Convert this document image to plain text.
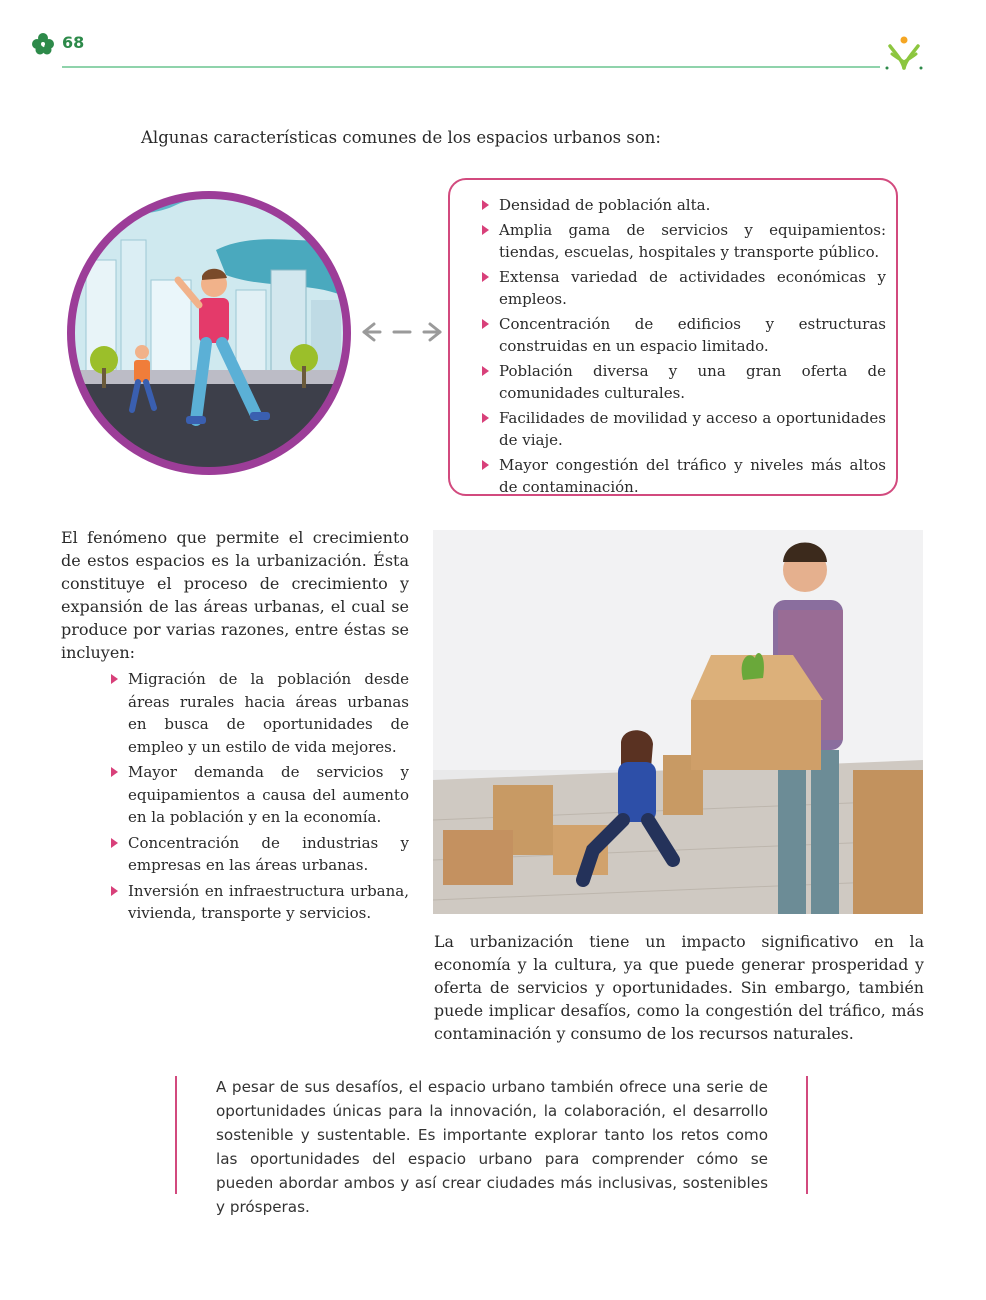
68
Algunas características comunes de los espacios urbanos son:
Densidad de población alta.
Amplia gama de servicios y equipamientos: tiendas, escuelas, hospitales y transporte público.
Extensa variedad de actividades económicas y empleos.
Concentración de edificios y estructuras construidas en un espacio limitado.
Población diversa y una gran oferta de comunidades culturales.
Facilidades de movilidad y acceso a oportunidades de viaje.
Mayor congestión del tráfico y niveles más altos de contaminación.
El fenómeno que permite el crecimiento de estos espacios es la urbanización. Ésta constituye el proceso de crecimiento y expansión de las áreas urbanas, el cual se produce por varias razones, entre éstas se incluyen:
Migración de la población desde áreas rurales hacia áreas urbanas en busca de oportunidades de empleo y un estilo de vida mejores.
Mayor demanda de servicios y equipamientos a causa del aumento en la población y en la economía.
Concentración de industrias y empresas en las áreas urbanas.
Inversión en infraestructura urbana, vivienda, transporte y servicios.
La urbanización tiene un impacto significativo en la economía y la cultura, ya que puede generar prosperidad y oferta de servicios y oportunidades. Sin embargo, también puede implicar desafíos, como la congestión del tráfico, más contaminación y consumo de los recursos naturales.
A pesar de sus desafíos, el espacio urbano también ofrece una serie de oportunidades únicas para la innovación, la colaboración, el desarrollo sostenible y sustentable. Es importante explorar tanto los retos como las oportunidades del espacio urbano para comprender cómo se pueden abordar ambos y así crear ciudades más inclusivas, sostenibles y prósperas.
